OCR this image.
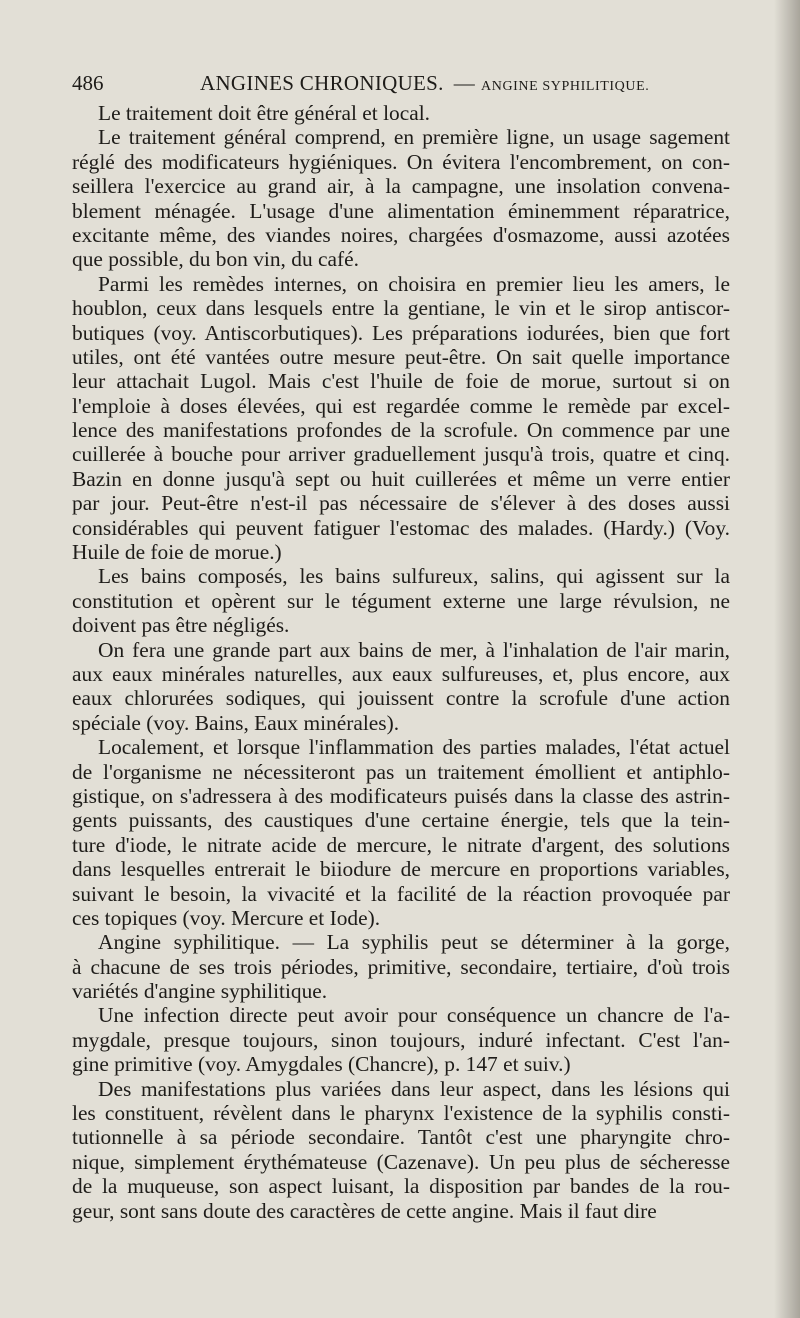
486	ANGINES CHRONIQUES. — ANGINE SYPHILITIQUE.
Le traitement doit être général et local.
Le traitement général comprend, en première ligne, un usage sagement
réglé des modificateurs hygiéniques. On évitera l'encombrement, on con-
seillera l'exercice au grand air, à la campagne, une insolation convena-
blement ménagée. L'usage d'une alimentation éminemment réparatrice,
excitante même, des viandes noires, chargées d'osmazome, aussi azotées
que possible, du bon vin, du café.
Parmi les remèdes internes, on choisira en premier lieu les amers, le
houblon, ceux dans lesquels entre la gentiane, le vin et le sirop antiscor-
butiques (voy. Antiscorbutiques). Les préparations iodurées, bien que fort
utiles, ont été vantées outre mesure peut-être. On sait quelle importance
leur attachait Lugol. Mais c'est l'huile de foie de morue, surtout si on
l'emploie à doses élevées, qui est regardée comme le remède par excel-
lence des manifestations profondes de la scrofule. On commence par une
cuillerée à bouche pour arriver graduellement jusqu'à trois, quatre et cinq.
Bazin en donne jusqu'à sept ou huit cuillerées et même un verre entier
par jour. Peut-être n'est-il pas nécessaire de s'élever à des doses aussi
considérables qui peuvent fatiguer l'estomac des malades. (Hardy.) (Voy.
Huile de foie de morue.)
Les bains composés, les bains sulfureux, salins, qui agissent sur la
constitution et opèrent sur le tégument externe une large révulsion, ne
doivent pas être négligés.
On fera une grande part aux bains de mer, à l'inhalation de l'air marin,
aux eaux minérales naturelles, aux eaux sulfureuses, et, plus encore, aux
eaux chlorurées sodiques, qui jouissent contre la scrofule d'une action
spéciale (voy. Bains, Eaux minérales).
Localement, et lorsque l'inflammation des parties malades, l'état actuel
de l'organisme ne nécessiteront pas un traitement émollient et antiphlo-
gistique, on s'adressera à des modificateurs puisés dans la classe des astrin-
gents puissants, des caustiques d'une certaine énergie, tels que la tein-
ture d'iode, le nitrate acide de mercure, le nitrate d'argent, des solutions
dans lesquelles entrerait le biiodure de mercure en proportions variables,
suivant le besoin, la vivacité et la facilité de la réaction provoquée par
ces topiques (voy. Mercure et Iode).
Angine syphilitique. — La syphilis peut se déterminer à la gorge,
à chacune de ses trois périodes, primitive, secondaire, tertiaire, d'où trois
variétés d'angine syphilitique.
Une infection directe peut avoir pour conséquence un chancre de l'a-
mygdale, presque toujours, sinon toujours, induré infectant. C'est l'an-
gine primitive (voy. Amygdales (Chancre), p. 147 et suiv.)
Des manifestations plus variées dans leur aspect, dans les lésions qui
les constituent, révèlent dans le pharynx l'existence de la syphilis consti-
tutionnelle à sa période secondaire. Tantôt c'est une pharyngite chro-
nique, simplement érythémateuse (Cazenave). Un peu plus de sécheresse
de la muqueuse, son aspect luisant, la disposition par bandes de la rou-
geur, sont sans doute des caractères de cette angine. Mais il faut dire
